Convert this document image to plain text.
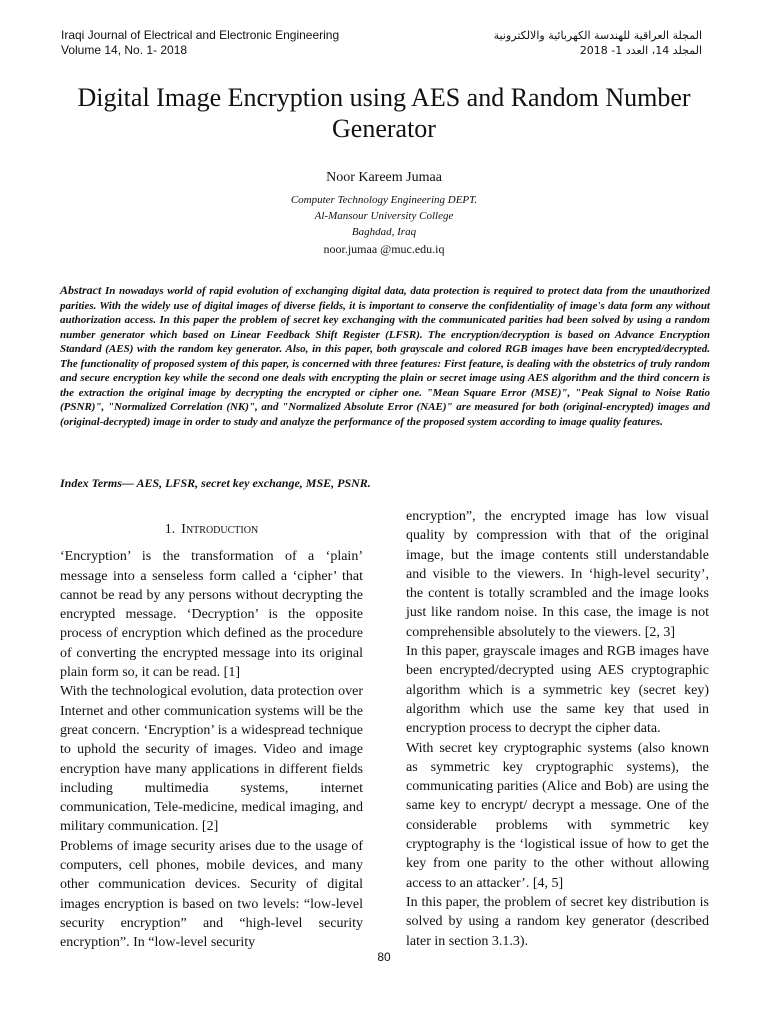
Iraqi Journal of Electrical and Electronic Engineering
Volume 14, No. 1- 2018
المجلة العراقية للهندسة الكهربائية والالكترونية
المجلد 14، العدد 1- 2018
Digital Image Encryption using AES and Random Number Generator
Noor Kareem Jumaa
Computer Technology Engineering DEPT.
Al-Mansour University College
Baghdad, Iraq
noor.jumaa @muc.edu.iq

Abstract In nowadays world of rapid evolution of exchanging digital data, data protection is required to protect data from the unauthorized parities. With the widely use of digital images of diverse fields, it is important to conserve the confidentiality of image's data form any without authorization access. In this paper the problem of secret key exchanging with the communicated parities had been solved by using a random number generator which based on Linear Feedback Shift Register (LFSR). The encryption/decryption is based on Advance Encryption Standard (AES) with the random key generator. Also, in this paper, both grayscale and colored RGB images have been encrypted/decrypted. The functionality of proposed system of this paper, is concerned with three features: First feature, is dealing with the obstetrics of truly random and secure encryption key while the second one deals with encrypting the plain or secret image using AES algorithm and the third concern is the extraction the original image by decrypting the encrypted or cipher one. "Mean Square Error (MSE)", "Peak Signal to Noise Ratio (PSNR)", "Normalized Correlation (NK)", and "Normalized Absolute Error (NAE)" are measured for both (original-encrypted) images and (original-decrypted) image in order to study and analyze the performance of the proposed system according to image quality features.

Index Terms— AES, LFSR, secret key exchange, MSE, PSNR.

1. Introduction

‘Encryption’ is the transformation of a ‘plain’ message into a senseless form called a ‘cipher’ that cannot be read by any persons without decrypting the encrypted message. ‘Decryption’ is the opposite process of encryption which defined as the procedure of converting the encrypted message into its original plain form so, it can be read. [1]

With the technological evolution, data protection over Internet and other communication systems will be the great concern. ‘Encryption’ is a widespread technique to uphold the security of images. Video and image encryption have many applications in different fields including multimedia systems, internet communication, Tele-medicine, medical imaging, and military communication. [2]

Problems of image security arises due to the usage of computers, cell phones, mobile devices, and many other communication devices. Security of digital images encryption is based on two levels: “low-level security encryption” and “high-level security encryption”. In “low-level security

encryption”, the encrypted image has low visual quality by compression with that of the original image, but the image contents still understandable and visible to the viewers. In ‘high-level security’, the content is totally scrambled and the image looks just like random noise. In this case, the image is not comprehensible absolutely to the viewers. [2, 3]

In this paper, grayscale images and RGB images have been encrypted/decrypted using AES cryptographic algorithm which is a symmetric key (secret key) algorithm which use the same key that used in encryption process to decrypt the cipher data.

With secret key cryptographic systems (also known as symmetric key cryptographic systems), the communicating parities (Alice and Bob) are using the same key to encrypt/ decrypt a message. One of the considerable problems with symmetric key cryptography is the ‘logistical issue of how to get the key from one parity to the other without allowing access to an attacker’. [4, 5]

In this paper, the problem of secret key distribution is solved by using a random key generator (described later in section 3.1.3).

80
